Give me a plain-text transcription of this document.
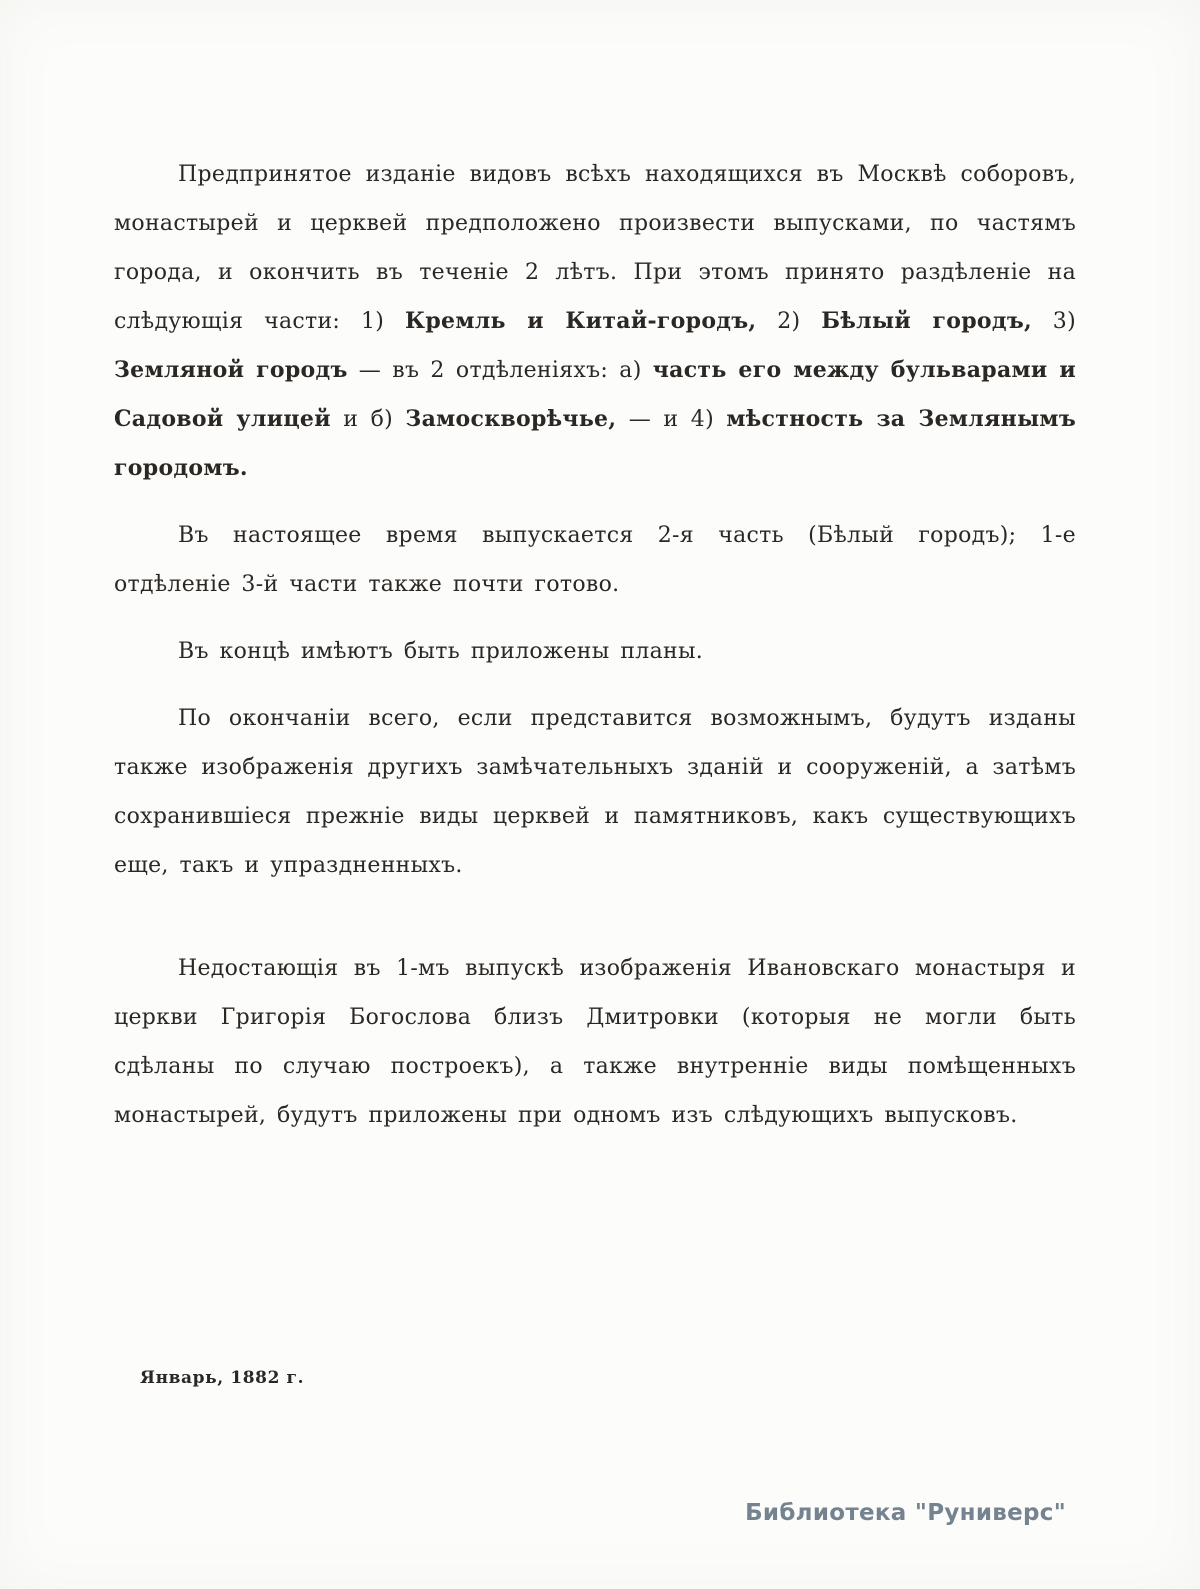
Предпринятое изданіе видовъ всѣхъ находящихся въ Москвѣ соборовъ, монастырей и церквей предположено произвести выпусками, по частямъ города, и окончить въ теченіе 2 лѣтъ. При этомъ принято раздѣленіе на слѣдующія части: 1) Кремль и Китай-городъ, 2) Бѣлый городъ, 3) Земляной городъ — въ 2 отдѣленіяхъ: а) часть его между бульварами и Садовой улицей и б) Замоскворѣчье, — и 4) мѣстность за Землянымъ городомъ.

Въ настоящее время выпускается 2-я часть (Бѣлый городъ); 1-е отдѣленіе 3-й части также почти готово.

Въ концѣ имѣютъ быть приложены планы.

По окончаніи всего, если представится возможнымъ, будутъ изданы также изображенія другихъ замѣчательныхъ зданій и сооруженій, а затѣмъ сохранившіеся прежніе виды церквей и памятниковъ, какъ существующихъ еще, такъ и упраздненныхъ.

Недостающія въ 1-мъ выпускѣ изображенія Ивановскаго монастыря и церкви Григорія Богослова близъ Дмитровки (которыя не могли быть сдѣланы по случаю построекъ), а также внутренніе виды помѣщенныхъ монастырей, будутъ приложены при одномъ изъ слѣдующихъ выпусковъ.

Январь, 1882 г.
Библиотека "Руниверс"
